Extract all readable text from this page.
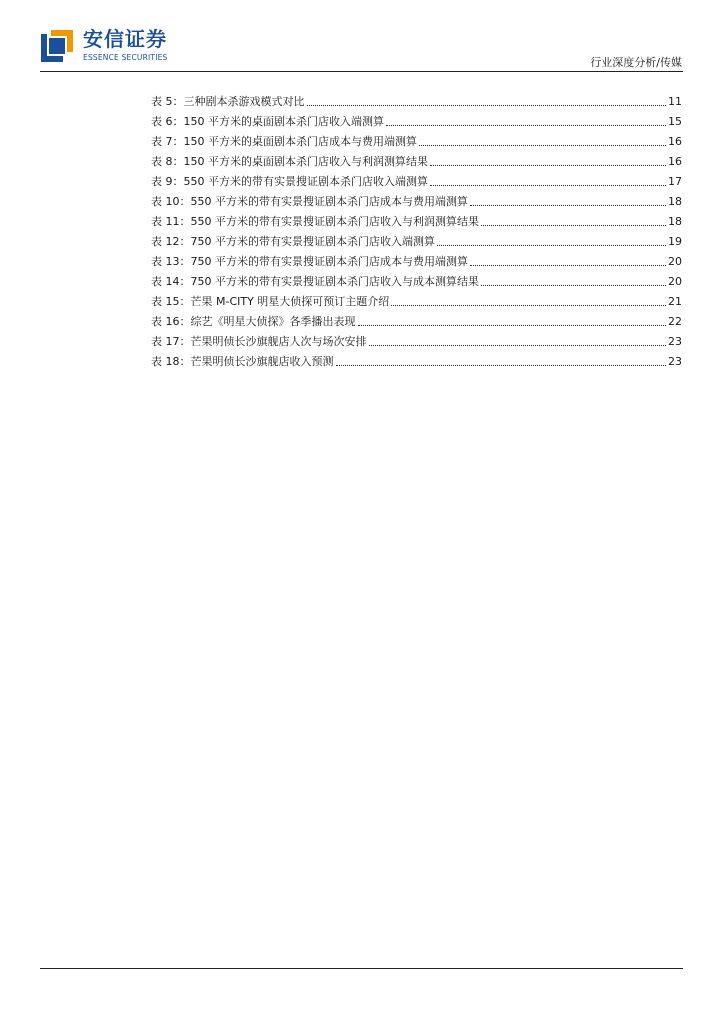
安信证券
ESSENCE SECURITIES	行业深度分析/传媒
表 5：三种剧本杀游戏模式对比	11
表 6：150 平方米的桌面剧本杀门店收入端测算	15
表 7：150 平方米的桌面剧本杀门店成本与费用端测算	16
表 8：150 平方米的桌面剧本杀门店收入与利润测算结果	16
表 9：550 平方米的带有实景搜证剧本杀门店收入端测算	17
表 10：550 平方米的带有实景搜证剧本杀门店成本与费用端测算	18
表 11：550 平方米的带有实景搜证剧本杀门店收入与利润测算结果	18
表 12：750 平方米的带有实景搜证剧本杀门店收入端测算	19
表 13：750 平方米的带有实景搜证剧本杀门店成本与费用端测算	20
表 14：750 平方米的带有实景搜证剧本杀门店收入与成本测算结果	20
表 15：芒果 M-CITY 明星大侦探可预订主题介绍	21
表 16：综艺《明星大侦探》各季播出表现	22
表 17：芒果明侦长沙旗舰店人次与场次安排	23
表 18：芒果明侦长沙旗舰店收入预测	23
